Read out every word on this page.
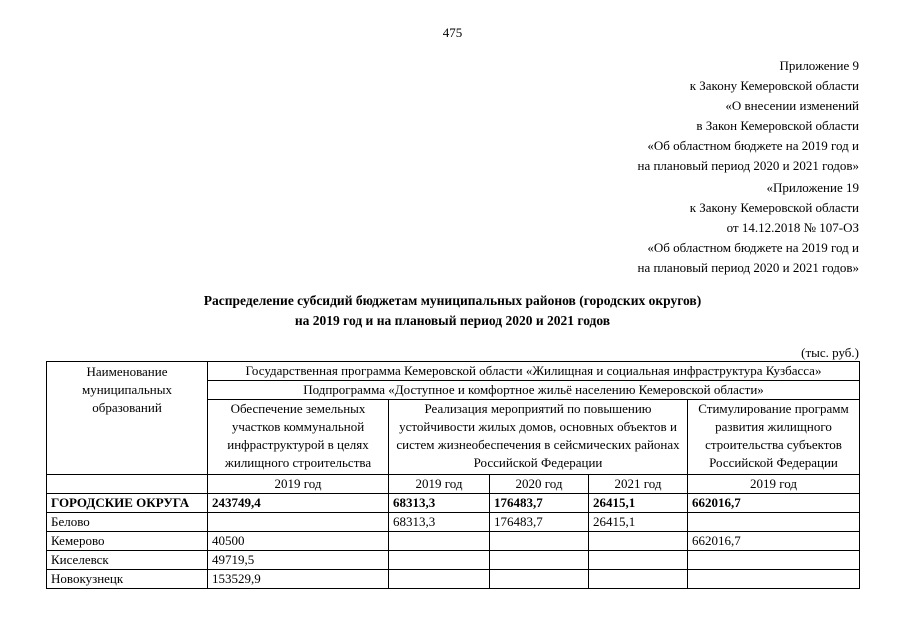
475
Приложение 9
к Закону Кемеровской области
«О внесении изменений
в Закон Кемеровской области
«Об областном бюджете на 2019 год и
на плановый период 2020 и 2021 годов»
«Приложение 19
к Закону Кемеровской области
от 14.12.2018 № 107-ОЗ
«Об областном бюджете на 2019 год и
на плановый период 2020 и 2021 годов»
Распределение субсидий бюджетам муниципальных районов (городских округов)
на 2019 год и на плановый период 2020 и 2021 годов
(тыс. руб.)
Наименование муниципальных образований	Государственная программа Кемеровской области «Жилищная и социальная инфраструктура Кузбасса»				
	Подпрограмма «Доступное и комфортное жильё населению Кемеровской области»				
	Обеспечение земельных участков коммунальной инфраструктурой в целях жилищного строительства	Реализация мероприятий по повышению устойчивости жилых домов, основных объектов и систем жизнеобеспечения в сейсмических районах Российской Федерации			Стимулирование программ развития жилищного строительства субъектов Российской Федерации
	2019 год	2019 год	2020 год	2021 год	2019 год
ГОРОДСКИЕ ОКРУГА	243749,4	68313,3	176483,7	26415,1	662016,7
Белово		68313,3	176483,7	26415,1	
Кемерово	40500				662016,7
Киселевск	49719,5				
Новокузнецк	153529,9				
